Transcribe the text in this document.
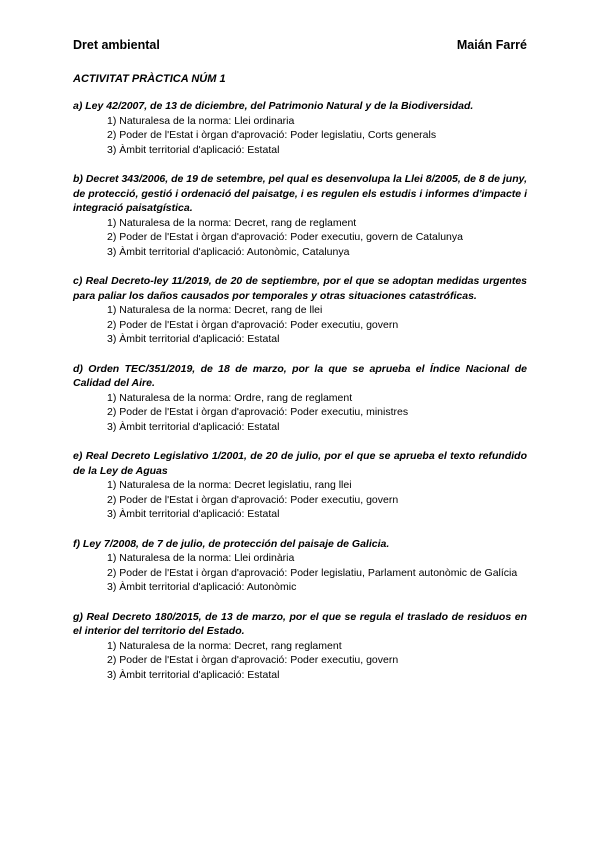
Dret ambiental	Maián Farré
ACTIVITAT PRÀCTICA NÚM 1
a) Ley 42/2007, de 13 de diciembre, del Patrimonio Natural y de la Biodiversidad.
1) Naturalesa de la norma: Llei ordinaria
2) Poder de l'Estat i òrgan d'aprovació: Poder legislatiu, Corts generals
3) Àmbit territorial d'aplicació: Estatal
b) Decret 343/2006, de 19 de setembre, pel qual es desenvolupa la Llei 8/2005, de 8 de juny, de protecció, gestió i ordenació del paisatge, i es regulen els estudis i informes d'impacte i integració paisatgística.
1) Naturalesa de la norma: Decret, rang de reglament
2) Poder de l'Estat i òrgan d'aprovació: Poder executiu, govern de Catalunya
3) Àmbit territorial d'aplicació: Autonòmic, Catalunya
c) Real Decreto-ley 11/2019, de 20 de septiembre, por el que se adoptan medidas urgentes para paliar los daños causados por temporales y otras situaciones catastróficas.
1) Naturalesa de la norma: Decret, rang de llei
2) Poder de l'Estat i òrgan d'aprovació: Poder executiu, govern
3) Àmbit territorial d'aplicació: Estatal
d) Orden TEC/351/2019, de 18 de marzo, por la que se aprueba el Índice Nacional de Calidad del Aire.
1) Naturalesa de la norma: Ordre, rang de reglament
2) Poder de l'Estat i òrgan d'aprovació: Poder executiu, ministres
3) Àmbit territorial d'aplicació: Estatal
e) Real Decreto Legislativo 1/2001, de 20 de julio, por el que se aprueba el texto refundido de la Ley de Aguas
1) Naturalesa de la norma: Decret legislatiu, rang llei
2) Poder de l'Estat i òrgan d'aprovació: Poder executiu, govern
3) Àmbit territorial d'aplicació: Estatal
f) Ley 7/2008, de 7 de julio, de protección del paisaje de Galicia.
1) Naturalesa de la norma: Llei ordinària
2) Poder de l'Estat i òrgan d'aprovació: Poder legislatiu, Parlament autonòmic de Galícia
3) Àmbit territorial d'aplicació: Autonòmic
g) Real Decreto 180/2015, de 13 de marzo, por el que se regula el traslado de residuos en el interior del territorio del Estado.
1) Naturalesa de la norma: Decret, rang reglament
2) Poder de l'Estat i òrgan d'aprovació: Poder executiu, govern
3) Àmbit territorial d'aplicació: Estatal
